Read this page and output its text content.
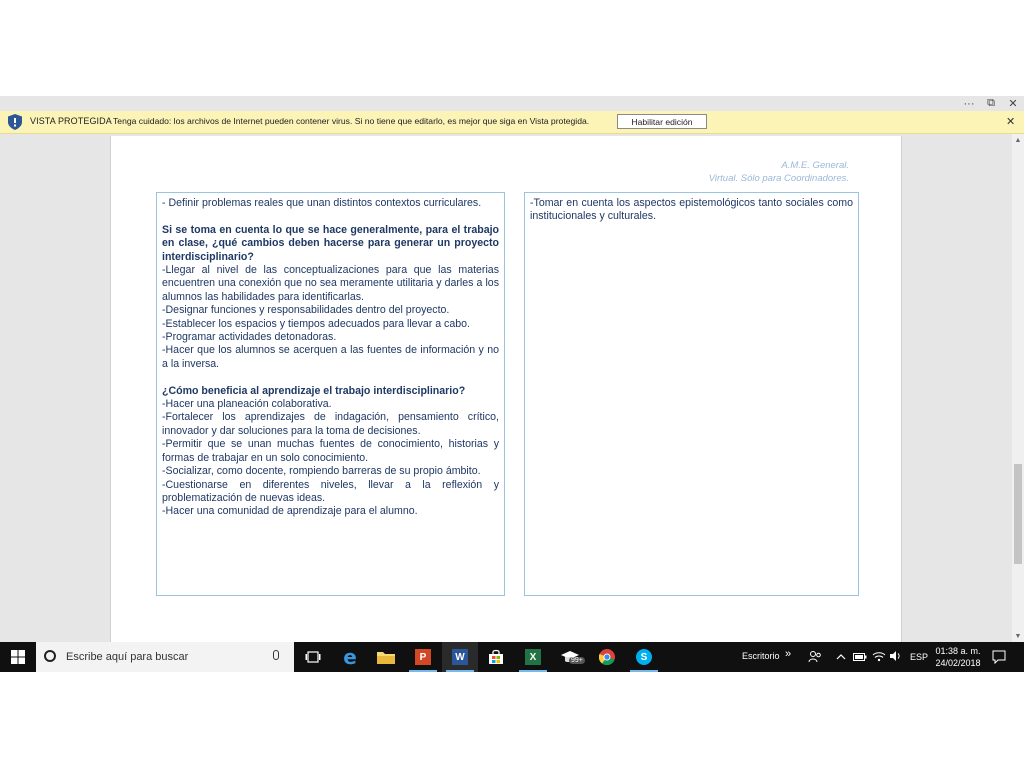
··· ⧉ ✕
VISTA PROTEGIDA Tenga cuidado: los archivos de Internet pueden contener virus. Si no tiene que editarlo, es mejor que siga en Vista protegida.	Habilitar edición	✕
A.M.E. General.
Virtual. Sólo para Coordinadores.

- Definir problemas reales que unan distintos contextos curriculares.

Si se toma en cuenta lo que se hace generalmente, para el trabajo en clase, ¿qué cambios deben hacerse para generar un proyecto interdisciplinario?

-Llegar al nivel de las conceptualizaciones para que las materias encuentren una conexión que no sea meramente utilitaria y darles a los alumnos las habilidades para identificarlas.

-Designar funciones y responsabilidades dentro del proyecto.

-Establecer los espacios y tiempos adecuados para llevar a cabo.

-Programar actividades detonadoras.

-Hacer que los alumnos se acerquen a las fuentes de información y no a la inversa.

¿Cómo beneficia al aprendizaje el trabajo interdisciplinario?

-Hacer una planeación colaborativa.

-Fortalecer los aprendizajes de indagación, pensamiento crítico, innovador y dar soluciones para la toma de decisiones.

-Permitir que se unan muchas fuentes de conocimiento, historias y formas de trabajar en un solo conocimiento.

-Socializar, como docente, rompiendo barreras de su propio ámbito.

-Cuestionarse en diferentes niveles, llevar a la reflexión y problematización de nuevas ideas.

-Hacer una comunidad de aprendizaje para el alumno.

-Tomar en cuenta los aspectos epistemológicos tanto sociales como institucionales y culturales.

▲
▼
Escribe aquí para buscar	e	P	W	X	99+	S	Escritorio »	ESP
01:38 a. m.
24/02/2018
